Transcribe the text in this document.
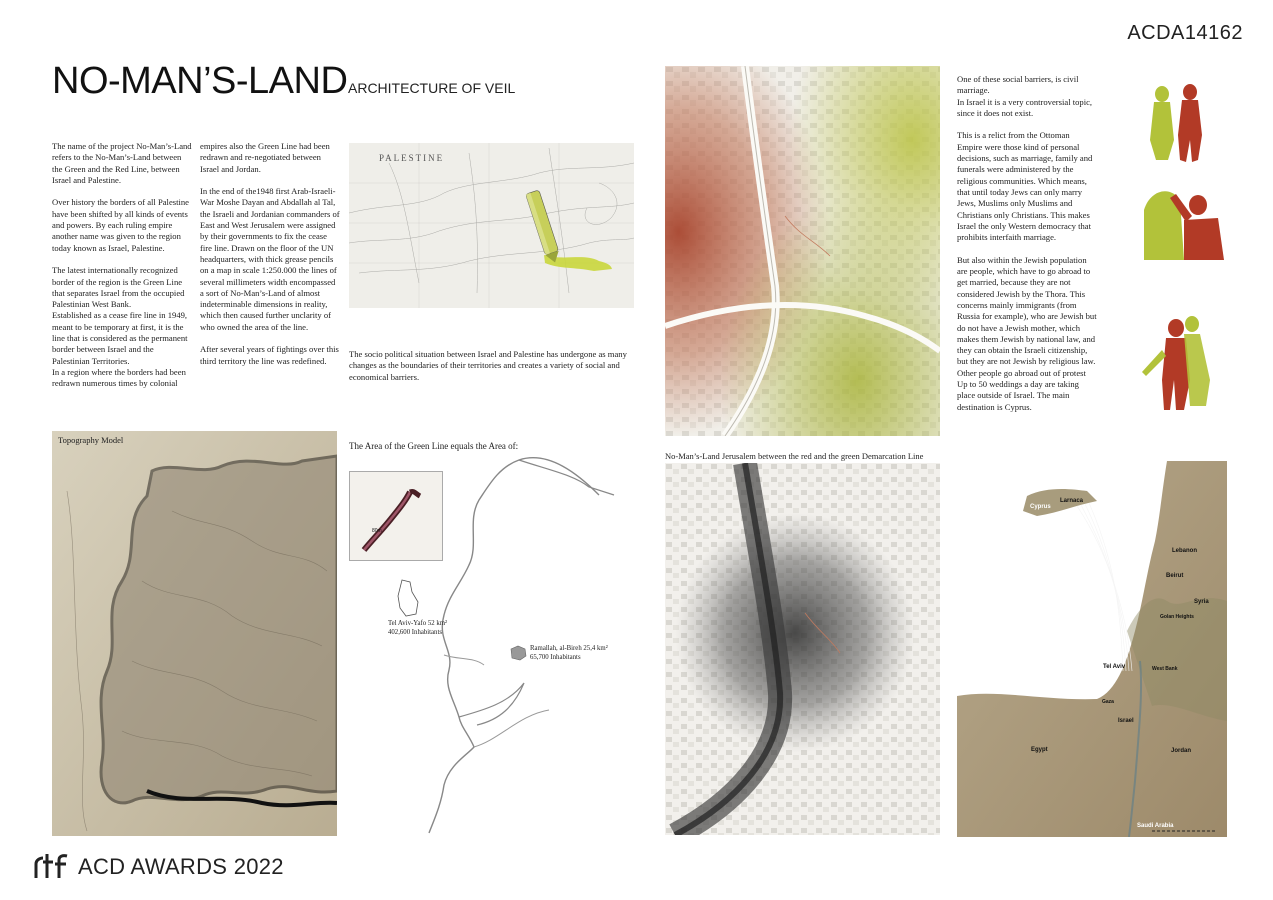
ACDA14162
NO-MAN’S-LAND ARCHITECTURE OF VEIL
The name of the project No-Man’s-Land refers to the No-Man’s-Land between the Green and the Red Line, between Israel and Palestine.

Over history the borders of all Palestine have been shifted by all kinds of events and powers. By each ruling empire another name was given to the region today known as Israel, Palestine.

The latest internationally recognized border of the region is the Green Line that separates Israel from the occupied Palestinian West Bank.
Established as a cease fire line in 1949, meant to be temporary at first, it is the line that is considered as the permanent border between Israel and the Palestinian Territories.
In a region where the borders had been redrawn numerous times by colonial
empires also the Green Line had been redrawn and re-negotiated between Israel and Jordan.

In the end of the1948 first Arab-Israeli-War Moshe Dayan and Abdallah al Tal, the Israeli and Jordanian commanders of East and West Jerusalem were assigned by their governments to fix the cease fire line. Drawn on the floor of the UN headquarters, with thick grease pencils on a map in scale 1:250.000 the lines of several millimeters width encompassed a sort of No-Man’s-Land of almost indeterminable dimensions in reality, which then caused further unclarity of who owned the area of the line.

After several years of fightings over this third territory the line was redefined.
PALESTINE
The socio political situation between Israel and Palestine has undergone as many changes as the boundaries of their territories and creates a variety of social and economical barriers.
Topography Model
The Area of the Green Line equals the Area of:
80m
Tel Aviv-Yafo 52 km²
402,600 Inhabitants
Ramallah, al-Bireh 25,4 km²
65,700 Inhabitants
No-Man’s-Land Jerusalem between the red and the green Demarcation Line
One of these social barriers, is civil marriage.
In Israel it is a very controversial topic, since it does not exist.

This is a relict from the Ottoman Empire were those kind of personal decisions, such as marriage, family and funerals were administered by the religious communities. Which means, that until today Jews can only marry Jews, Muslims only Muslims and Christians only Christians. This makes Israel the only Western democracy that prohibits interfaith marriage.

But also within the Jewish population are people, which have to go abroad to get married, because they are not considered Jewish by the Thora. This concerns mainly immigrants (from Russia for example), who are Jewish but do not have a Jewish mother, which makes them Jewish by national law, and they can obtain the Israeli citizenship, but they are not Jewish by religious law. Other people go abroad out of protest
Up to 50 weddings a day are taking place outside of Israel. The main destination is Cyprus.
Larnaca
Cyprus
Lebanon
Beirut
Syria
Golan Heights
Tel Aviv	West Bank
Gaza
Israel
Egypt	Jordan
Saudi Arabia
ACD AWARDS 2022
